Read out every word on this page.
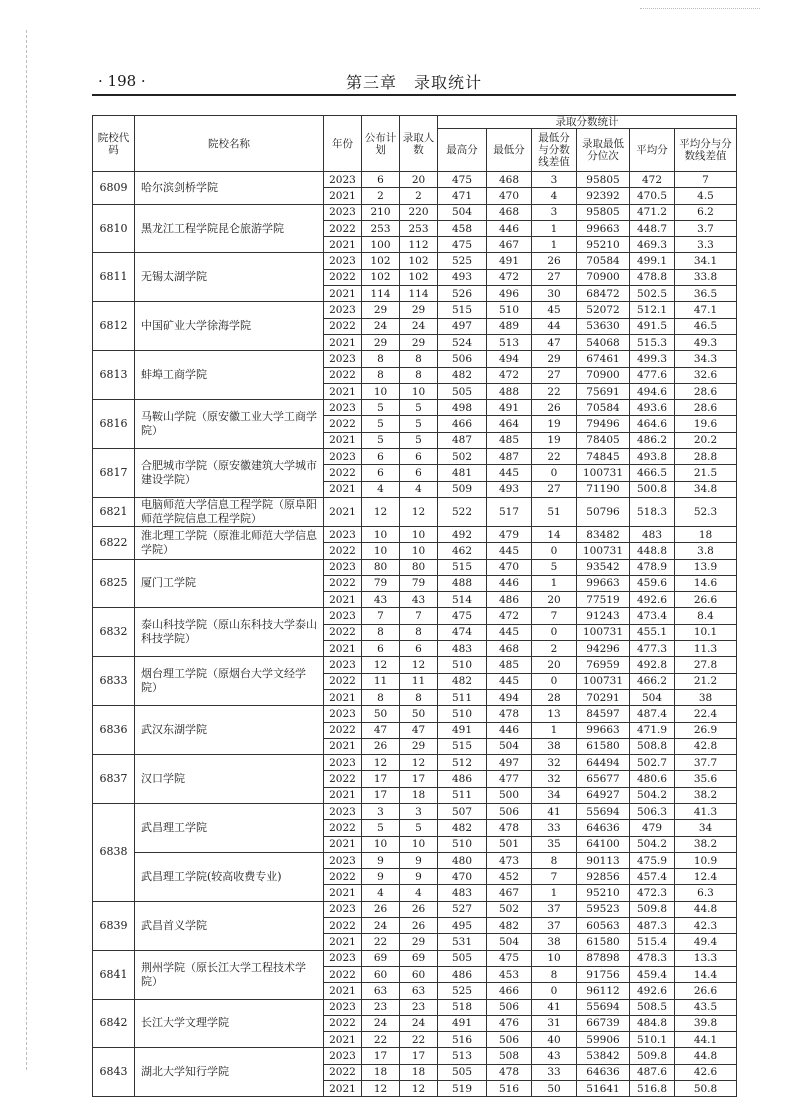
· 198 ·	第三章　录取统计
院校代码	院校名称	年份	公布计划	录取人数	录取分数统计					
					最高分	最低分	最低分与分数线差值	录取最低分位次	平均分	平均分与分数线差值
6809	哈尔滨剑桥学院	2023	6	20	475	468	3	95805	472	7
		2021	2	2	471	470	4	92392	470.5	4.5
6810	黑龙江工程学院昆仑旅游学院	2023	210	220	504	468	3	95805	471.2	6.2
		2022	253	253	458	446	1	99663	448.7	3.7
		2021	100	112	475	467	1	95210	469.3	3.3
6811	无锡太湖学院	2023	102	102	525	491	26	70584	499.1	34.1
		2022	102	102	493	472	27	70900	478.8	33.8
		2021	114	114	526	496	30	68472	502.5	36.5
6812	中国矿业大学徐海学院	2023	29	29	515	510	45	52072	512.1	47.1
		2022	24	24	497	489	44	53630	491.5	46.5
		2021	29	29	524	513	47	54068	515.3	49.3
6813	蚌埠工商学院	2023	8	8	506	494	29	67461	499.3	34.3
		2022	8	8	482	472	27	70900	477.6	32.6
		2021	10	10	505	488	22	75691	494.6	28.6
6816	马鞍山学院（原安徽工业大学工商学院）	2023	5	5	498	491	26	70584	493.6	28.6
		2022	5	5	466	464	19	79496	464.6	19.6
		2021	5	5	487	485	19	78405	486.2	20.2
6817	合肥城市学院（原安徽建筑大学城市建设学院）	2023	6	6	502	487	22	74845	493.8	28.8
		2022	6	6	481	445	0	100731	466.5	21.5
		2021	4	4	509	493	27	71190	500.8	34.8
6821	电脑师范大学信息工程学院（原阜阳师范学院信息工程学院）	2021	12	12	522	517	51	50796	518.3	52.3
6822	淮北理工学院（原淮北师范大学信息学院）	2023	10	10	492	479	14	83482	483	18
		2022	10	10	462	445	0	100731	448.8	3.8
6825	厦门工学院	2023	80	80	515	470	5	93542	478.9	13.9
		2022	79	79	488	446	1	99663	459.6	14.6
		2021	43	43	514	486	20	77519	492.6	26.6
6832	泰山科技学院（原山东科技大学泰山科技学院）	2023	7	7	475	472	7	91243	473.4	8.4
		2022	8	8	474	445	0	100731	455.1	10.1
		2021	6	6	483	468	2	94296	477.3	11.3
6833	烟台理工学院（原烟台大学文经学院）	2023	12	12	510	485	20	76959	492.8	27.8
		2022	11	11	482	445	0	100731	466.2	21.2
		2021	8	8	511	494	28	70291	504	38
6836	武汉东湖学院	2023	50	50	510	478	13	84597	487.4	22.4
		2022	47	47	491	446	1	99663	471.9	26.9
		2021	26	29	515	504	38	61580	508.8	42.8
6837	汉口学院	2023	12	12	512	497	32	64494	502.7	37.7
		2022	17	17	486	477	32	65677	480.6	35.6
		2021	17	18	511	500	34	64927	504.2	38.2
6838	武昌理工学院	2023	3	3	507	506	41	55694	506.3	41.3
		2022	5	5	482	478	33	64636	479	34
		2021	10	10	510	501	35	64100	504.2	38.2
	武昌理工学院(较高收费专业)	2023	9	9	480	473	8	90113	475.9	10.9
		2022	9	9	470	452	7	92856	457.4	12.4
		2021	4	4	483	467	1	95210	472.3	6.3
6839	武昌首义学院	2023	26	26	527	502	37	59523	509.8	44.8
		2022	24	26	495	482	37	60563	487.3	42.3
		2021	22	29	531	504	38	61580	515.4	49.4
6841	荆州学院（原长江大学工程技术学院）	2023	69	69	505	475	10	87898	478.3	13.3
		2022	60	60	486	453	8	91756	459.4	14.4
		2021	63	63	525	466	0	96112	492.6	26.6
6842	长江大学文理学院	2023	23	23	518	506	41	55694	508.5	43.5
		2022	24	24	491	476	31	66739	484.8	39.8
		2021	22	22	516	506	40	59906	510.1	44.1
6843	湖北大学知行学院	2023	17	17	513	508	43	53842	509.8	44.8
		2022	18	18	505	478	33	64636	487.6	42.6
		2021	12	12	519	516	50	51641	516.8	50.8
